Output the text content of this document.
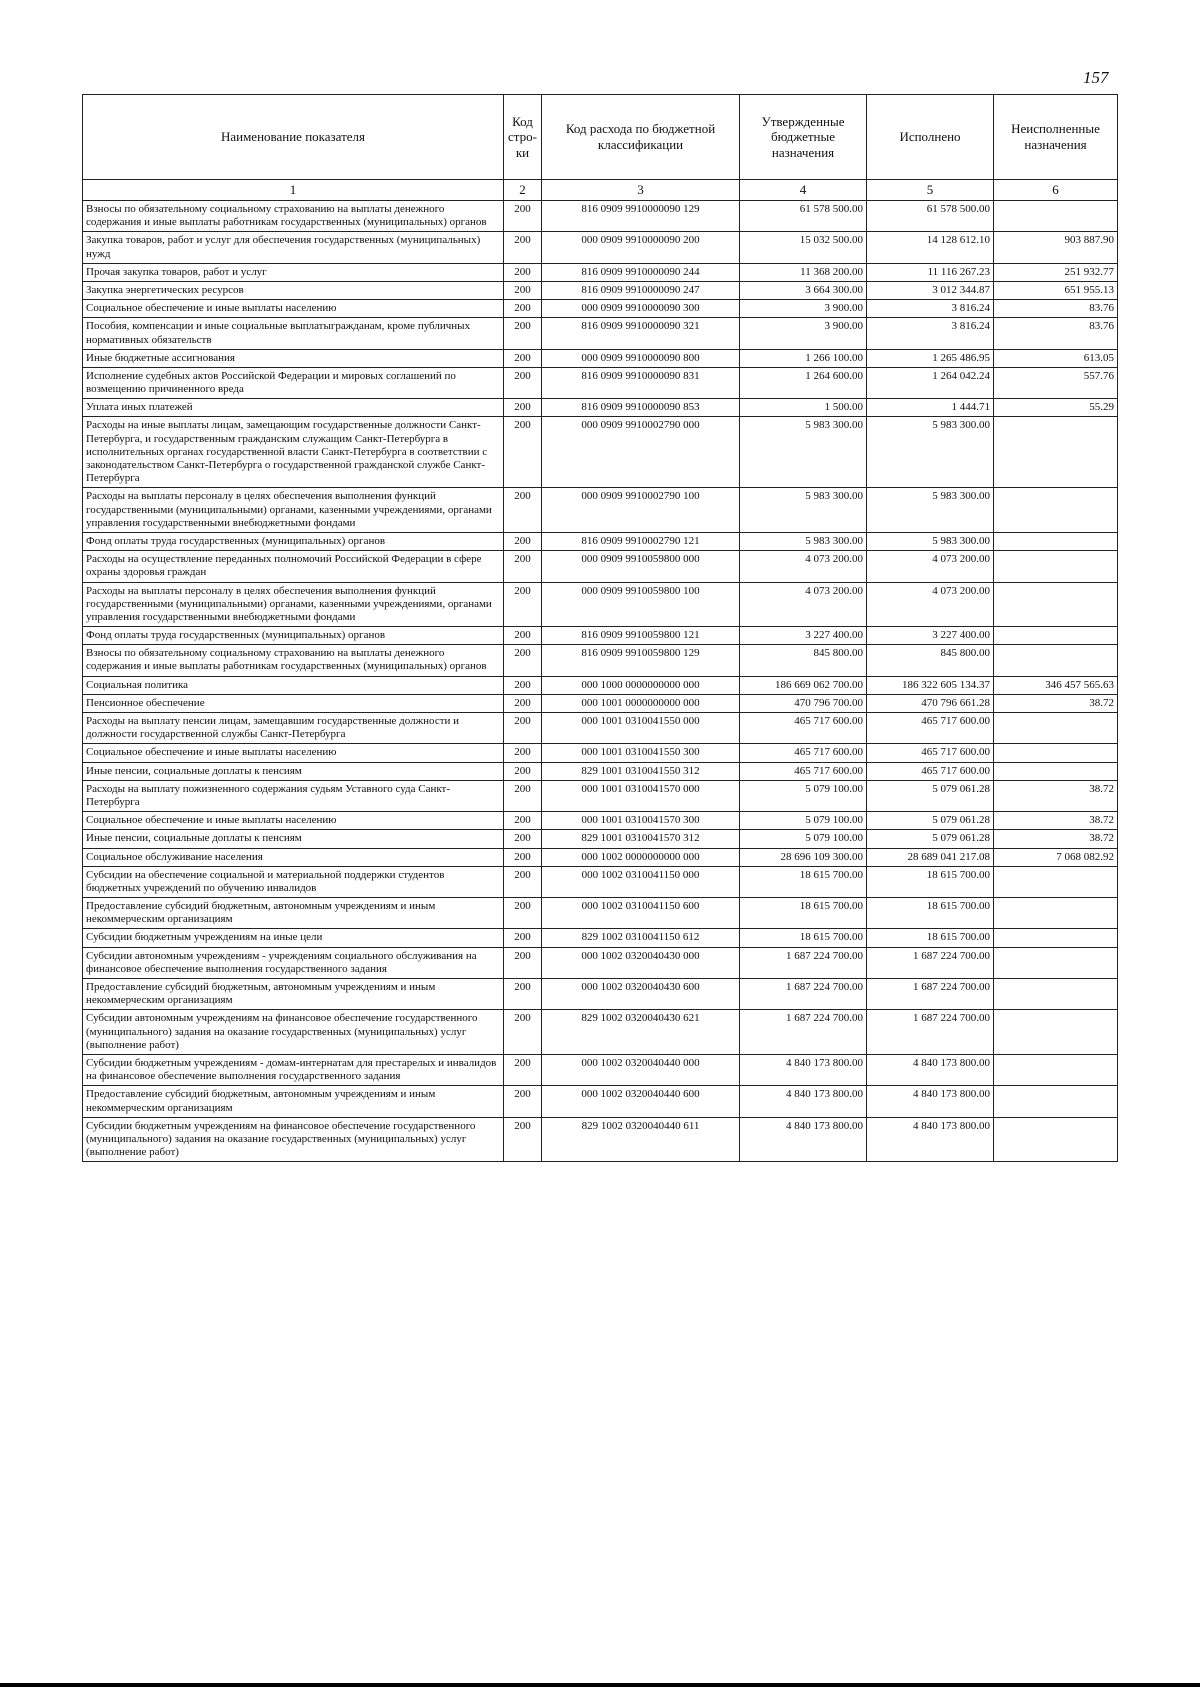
157
Наименование показателя	Код стро-ки	Код расхода по бюджетной классификации	Утвержденные бюджетные назначения	Исполнено	Неисполненные назначения
1	2	3	4	5	6
Взносы по обязательному социальному страхованию на выплаты денежного содержания и иные выплаты работникам государственных (муниципальных) органов	200	816 0909 9910000090 129	61 578 500.00	61 578 500.00	
Закупка товаров, работ и услуг для обеспечения государственных (муниципальных) нужд	200	000 0909 9910000090 200	15 032 500.00	14 128 612.10	903 887.90
Прочая закупка товаров, работ и услуг	200	816 0909 9910000090 244	11 368 200.00	11 116 267.23	251 932.77
Закупка энергетических ресурсов	200	816 0909 9910000090 247	3 664 300.00	3 012 344.87	651 955.13
Социальное обеспечение и иные выплаты населению	200	000 0909 9910000090 300	3 900.00	3 816.24	83.76
Пособия, компенсации и иные социальные выплатыгражданам, кроме публичных нормативных обязательств	200	816 0909 9910000090 321	3 900.00	3 816.24	83.76
Иные бюджетные ассигнования	200	000 0909 9910000090 800	1 266 100.00	1 265 486.95	613.05
Исполнение судебных актов Российской Федерации и мировых соглашений по возмещению причиненного вреда	200	816 0909 9910000090 831	1 264 600.00	1 264 042.24	557.76
Уплата иных платежей	200	816 0909 9910000090 853	1 500.00	1 444.71	55.29
Расходы на иные выплаты лицам, замещающим государственные должности Санкт-Петербурга, и государственным гражданским служащим Санкт-Петербурга в исполнительных органах государственной власти Санкт-Петербурга в соответствии с законодательством Санкт-Петербурга о государственной гражданской службе Санкт-Петербурга	200	000 0909 9910002790 000	5 983 300.00	5 983 300.00	
Расходы на выплаты персоналу в целях обеспечения выполнения функций государственными (муниципальными) органами, казенными учреждениями, органами управления государственными внебюджетными фондами	200	000 0909 9910002790 100	5 983 300.00	5 983 300.00	
Фонд оплаты труда государственных (муниципальных) органов	200	816 0909 9910002790 121	5 983 300.00	5 983 300.00	
Расходы на осуществление переданных полномочий Российской Федерации в сфере охраны здоровья граждан	200	000 0909 9910059800 000	4 073 200.00	4 073 200.00	
Расходы на выплаты персоналу в целях обеспечения выполнения функций государственными (муниципальными) органами, казенными учреждениями, органами управления государственными внебюджетными фондами	200	000 0909 9910059800 100	4 073 200.00	4 073 200.00	
Фонд оплаты труда государственных (муниципальных) органов	200	816 0909 9910059800 121	3 227 400.00	3 227 400.00	
Взносы по обязательному социальному страхованию на выплаты денежного содержания и иные выплаты работникам государственных (муниципальных) органов	200	816 0909 9910059800 129	845 800.00	845 800.00	
Социальная политика	200	000 1000 0000000000 000	186 669 062 700.00	186 322 605 134.37	346 457 565.63
Пенсионное обеспечение	200	000 1001 0000000000 000	470 796 700.00	470 796 661.28	38.72
Расходы на выплату пенсии лицам, замещавшим государственные должности и должности государственной службы Санкт-Петербурга	200	000 1001 0310041550 000	465 717 600.00	465 717 600.00	
Социальное обеспечение и иные выплаты населению	200	000 1001 0310041550 300	465 717 600.00	465 717 600.00	
Иные пенсии, социальные доплаты к пенсиям	200	829 1001 0310041550 312	465 717 600.00	465 717 600.00	
Расходы на выплату пожизненного содержания судьям Уставного суда Санкт-Петербурга	200	000 1001 0310041570 000	5 079 100.00	5 079 061.28	38.72
Социальное обеспечение и иные выплаты населению	200	000 1001 0310041570 300	5 079 100.00	5 079 061.28	38.72
Иные пенсии, социальные доплаты к пенсиям	200	829 1001 0310041570 312	5 079 100.00	5 079 061.28	38.72
Социальное обслуживание населения	200	000 1002 0000000000 000	28 696 109 300.00	28 689 041 217.08	7 068 082.92
Субсидии на обеспечение социальной и материальной поддержки студентов бюджетных учреждений по обучению инвалидов	200	000 1002 0310041150 000	18 615 700.00	18 615 700.00	
Предоставление субсидий бюджетным, автономным учреждениям и иным некоммерческим организациям	200	000 1002 0310041150 600	18 615 700.00	18 615 700.00	
Субсидии бюджетным учреждениям на иные цели	200	829 1002 0310041150 612	18 615 700.00	18 615 700.00	
Субсидии автономным учреждениям - учреждениям социального обслуживания на финансовое обеспечение выполнения государственного задания	200	000 1002 0320040430 000	1 687 224 700.00	1 687 224 700.00	
Предоставление субсидий бюджетным, автономным учреждениям и иным некоммерческим организациям	200	000 1002 0320040430 600	1 687 224 700.00	1 687 224 700.00	
Субсидии автономным учреждениям на финансовое обеспечение государственного (муниципального) задания на оказание государственных (муниципальных) услуг (выполнение работ)	200	829 1002 0320040430 621	1 687 224 700.00	1 687 224 700.00	
Субсидии бюджетным учреждениям - домам-интернатам для престарелых и инвалидов на финансовое обеспечение выполнения государственного задания	200	000 1002 0320040440 000	4 840 173 800.00	4 840 173 800.00	
Предоставление субсидий бюджетным, автономным учреждениям и иным некоммерческим организациям	200	000 1002 0320040440 600	4 840 173 800.00	4 840 173 800.00	
Субсидии бюджетным учреждениям на финансовое обеспечение государственного (муниципального) задания на оказание государственных (муниципальных) услуг (выполнение работ)	200	829 1002 0320040440 611	4 840 173 800.00	4 840 173 800.00	
